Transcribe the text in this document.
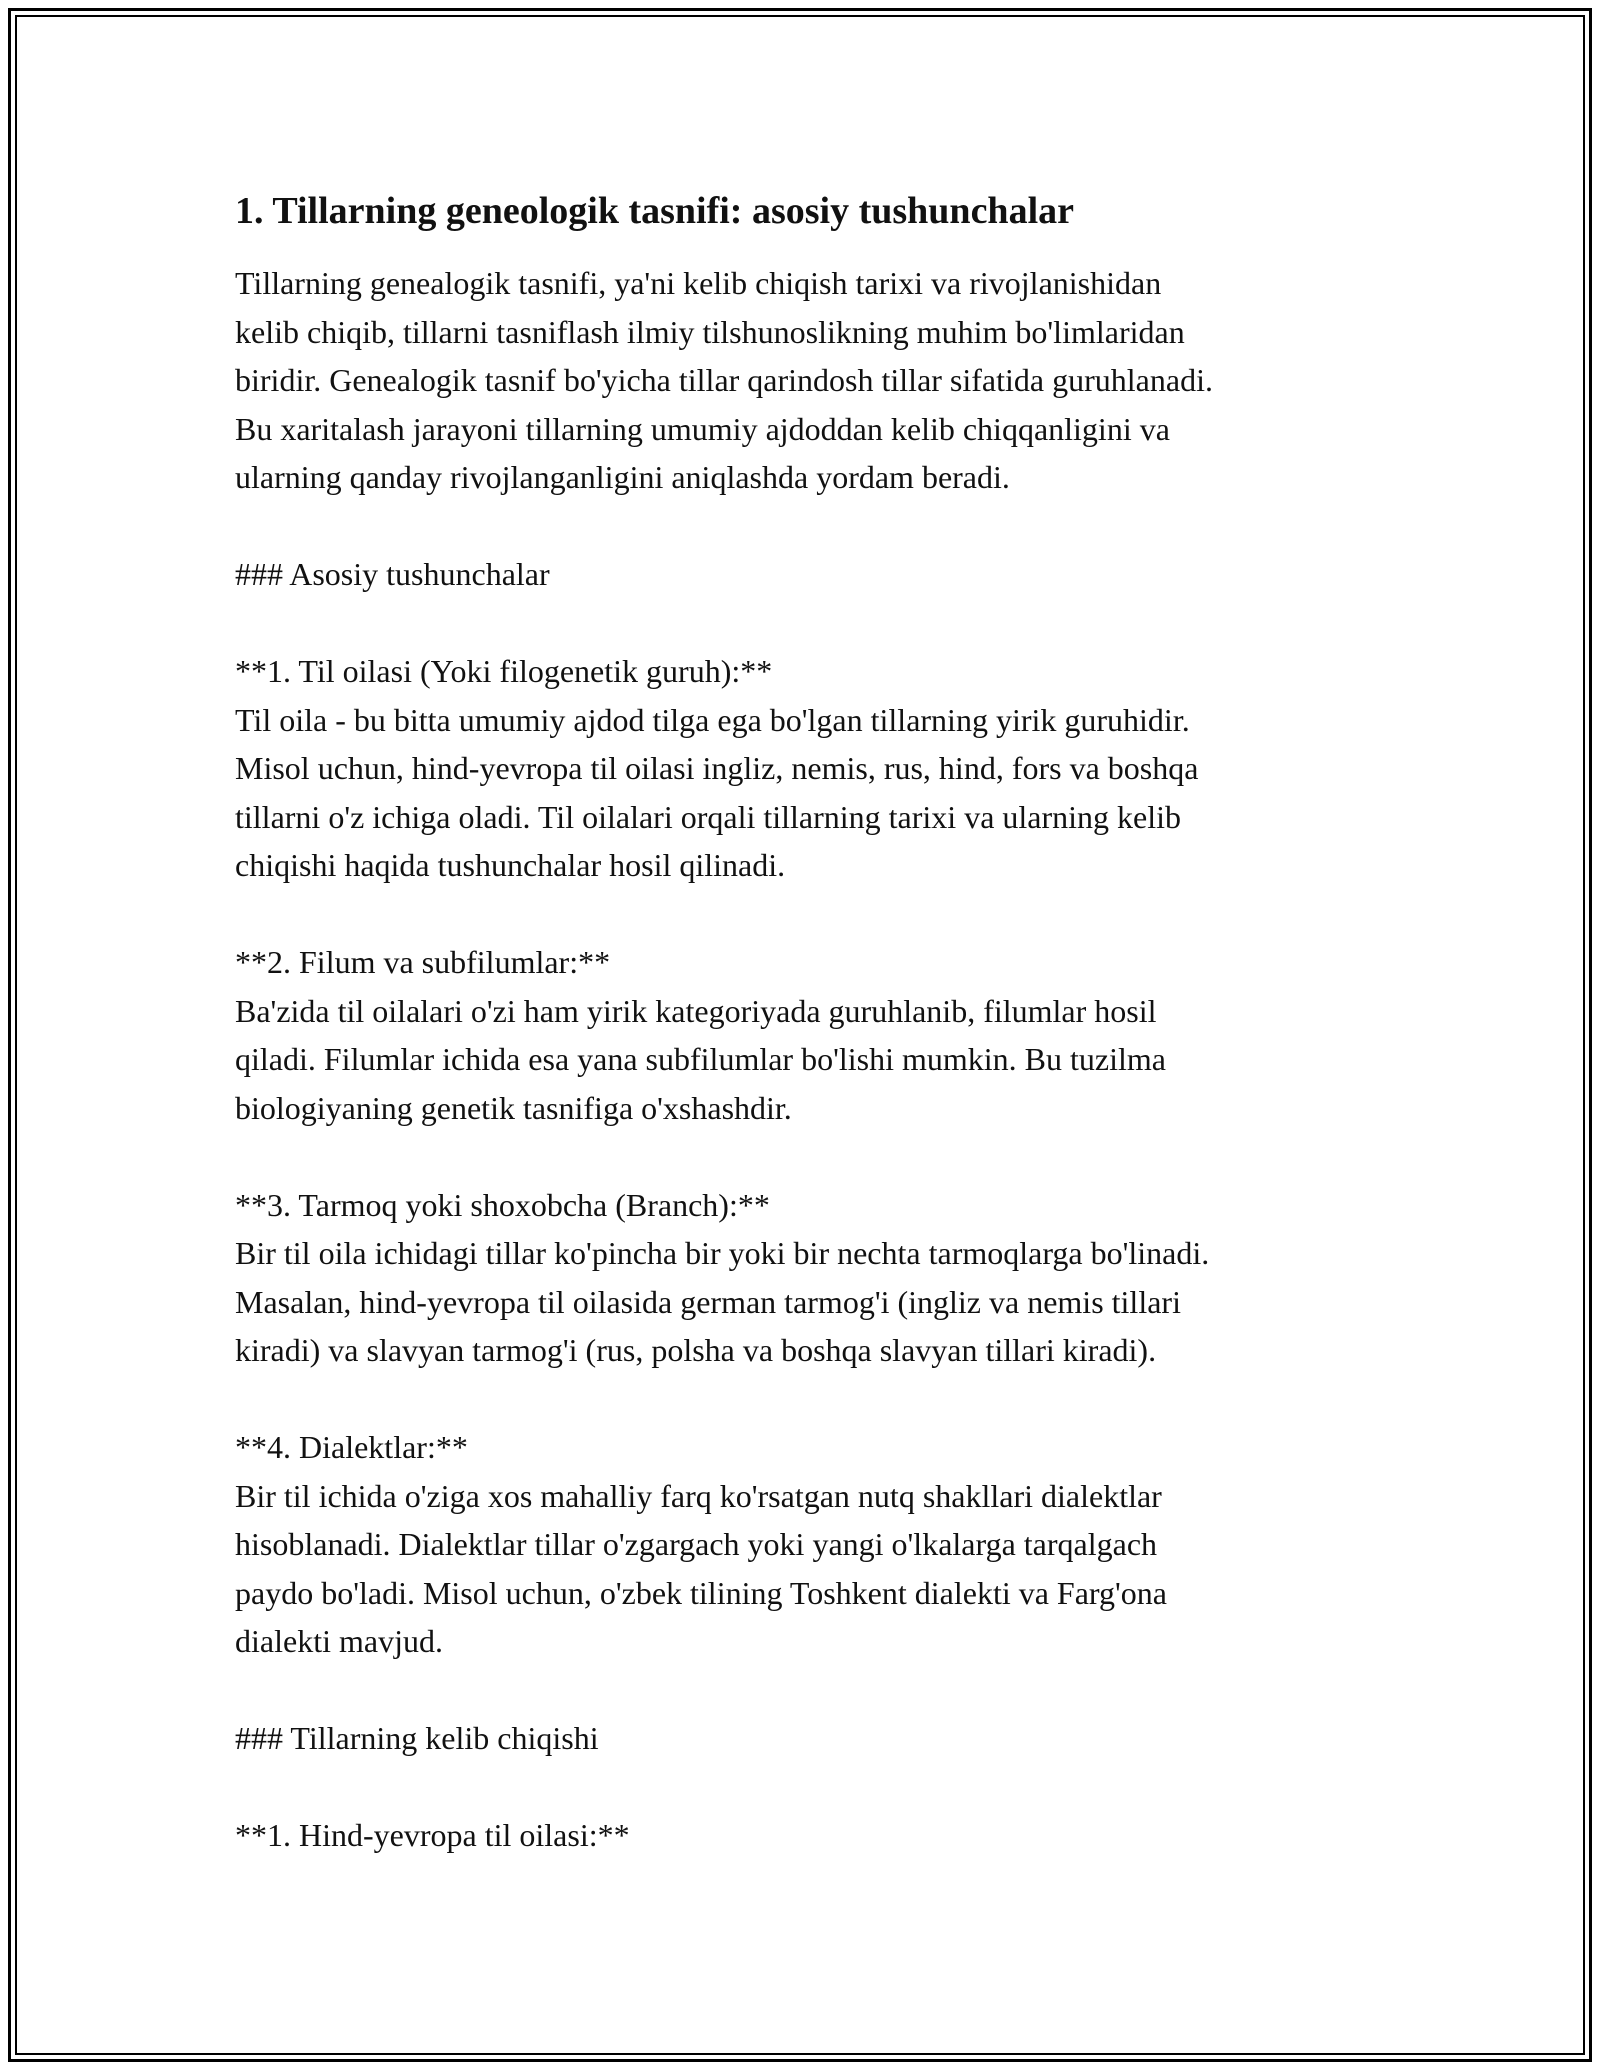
1. Tillarning geneologik tasnifi: asosiy tushunchalar
Tillarning genealogik tasnifi, ya'ni kelib chiqish tarixi va rivojlanishidan
kelib chiqib, tillarni tasniflash ilmiy tilshunoslikning muhim bo'limlaridan
biridir. Genealogik tasnif bo'yicha tillar qarindosh tillar sifatida guruhlanadi.
Bu xaritalash jarayoni tillarning umumiy ajdoddan kelib chiqqanligini va
ularning qanday rivojlanganligini aniqlashda yordam beradi.
### Asosiy tushunchalar
**1. Til oilasi (Yoki filogenetik guruh):**
Til oila - bu bitta umumiy ajdod tilga ega bo'lgan tillarning yirik guruhidir.
Misol uchun, hind-yevropa til oilasi ingliz, nemis, rus, hind, fors va boshqa
tillarni o'z ichiga oladi. Til oilalari orqali tillarning tarixi va ularning kelib
chiqishi haqida tushunchalar hosil qilinadi.
**2. Filum va subfilumlar:**
Ba'zida til oilalari o'zi ham yirik kategoriyada guruhlanib, filumlar hosil
qiladi. Filumlar ichida esa yana subfilumlar bo'lishi mumkin. Bu tuzilma
biologiyaning genetik tasnifiga o'xshashdir.
**3. Tarmoq yoki shoxobcha (Branch):**
Bir til oila ichidagi tillar ko'pincha bir yoki bir nechta tarmoqlarga bo'linadi.
Masalan, hind-yevropa til oilasida german tarmog'i (ingliz va nemis tillari
kiradi) va slavyan tarmog'i (rus, polsha va boshqa slavyan tillari kiradi).
**4. Dialektlar:**
Bir til ichida o'ziga xos mahalliy farq ko'rsatgan nutq shakllari dialektlar
hisoblanadi. Dialektlar tillar o'zgargach yoki yangi o'lkalarga tarqalgach
paydo bo'ladi. Misol uchun, o'zbek tilining Toshkent dialekti va Farg'ona
dialekti mavjud.
### Tillarning kelib chiqishi
**1. Hind-yevropa til oilasi:**
